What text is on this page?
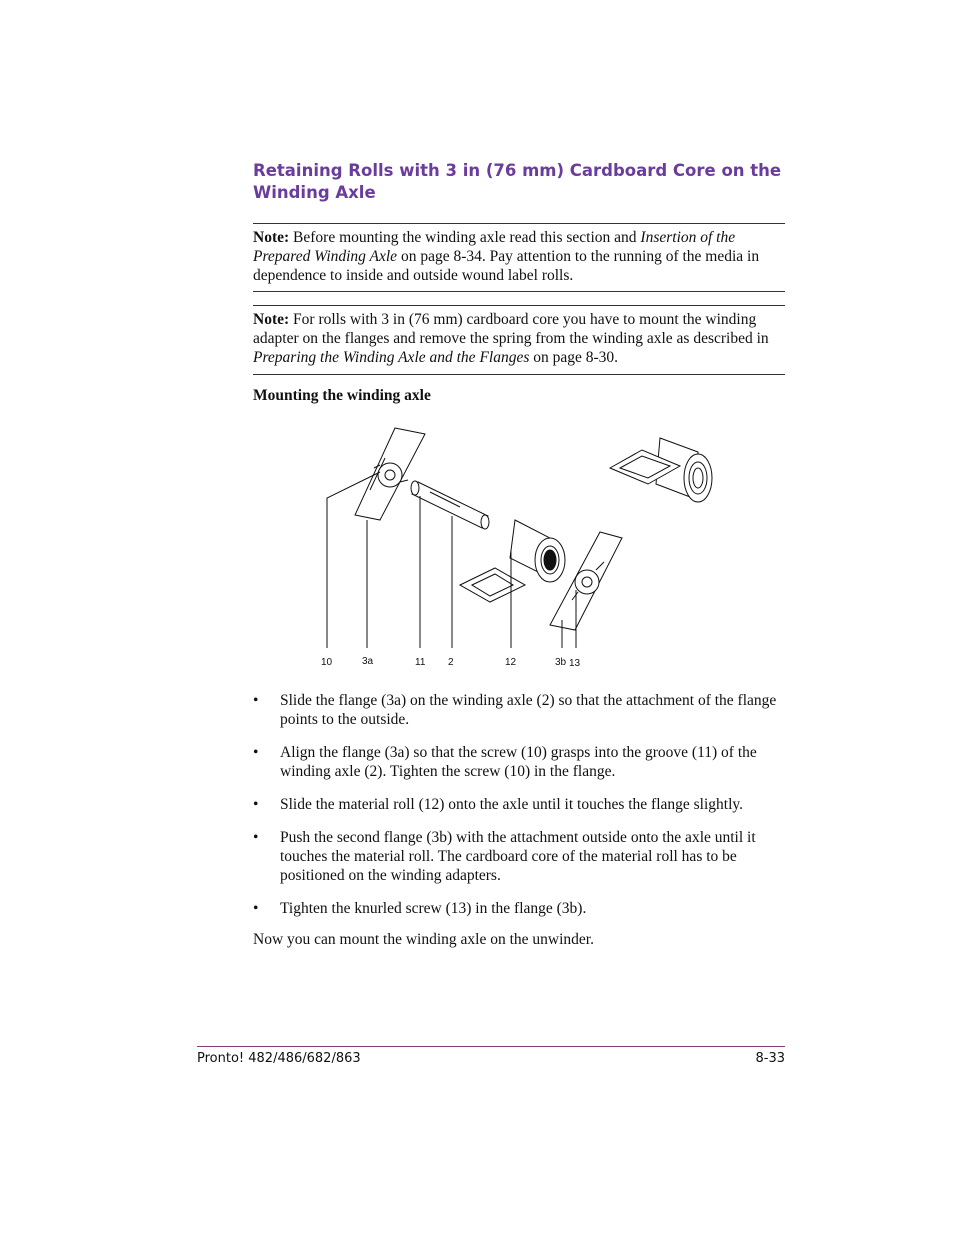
Retaining Rolls with 3 in (76 mm) Cardboard Core on the Winding Axle
Note: Before mounting the winding axle read this section and Insertion of the Prepared Winding Axle on page 8-34. Pay attention to the running of the media in dependence to inside and outside wound label rolls.
Note: For rolls with 3 in (76 mm) cardboard core you have to mount the winding adapter on the flanges and remove the spring from the winding axle as described in Preparing the Winding Axle and the Flanges on page 8-30.
Mounting the winding axle
10	3a	11 2	12	3b 13
• Slide the flange (3a) on the winding axle (2) so that the attachment of the flange points to the outside.
• Align the flange (3a) so that the screw (10) grasps into the groove (11) of the winding axle (2). Tighten the screw (10) in the flange.
• Slide the material roll (12) onto the axle until it touches the flange slightly.
• Push the second flange (3b) with the attachment outside onto the axle until it touches the material roll. The cardboard core of the material roll has to be positioned on the winding adapters.
• Tighten the knurled screw (13) in the flange (3b).
Now you can mount the winding axle on the unwinder.
Pronto! 482/486/682/863	8-33
